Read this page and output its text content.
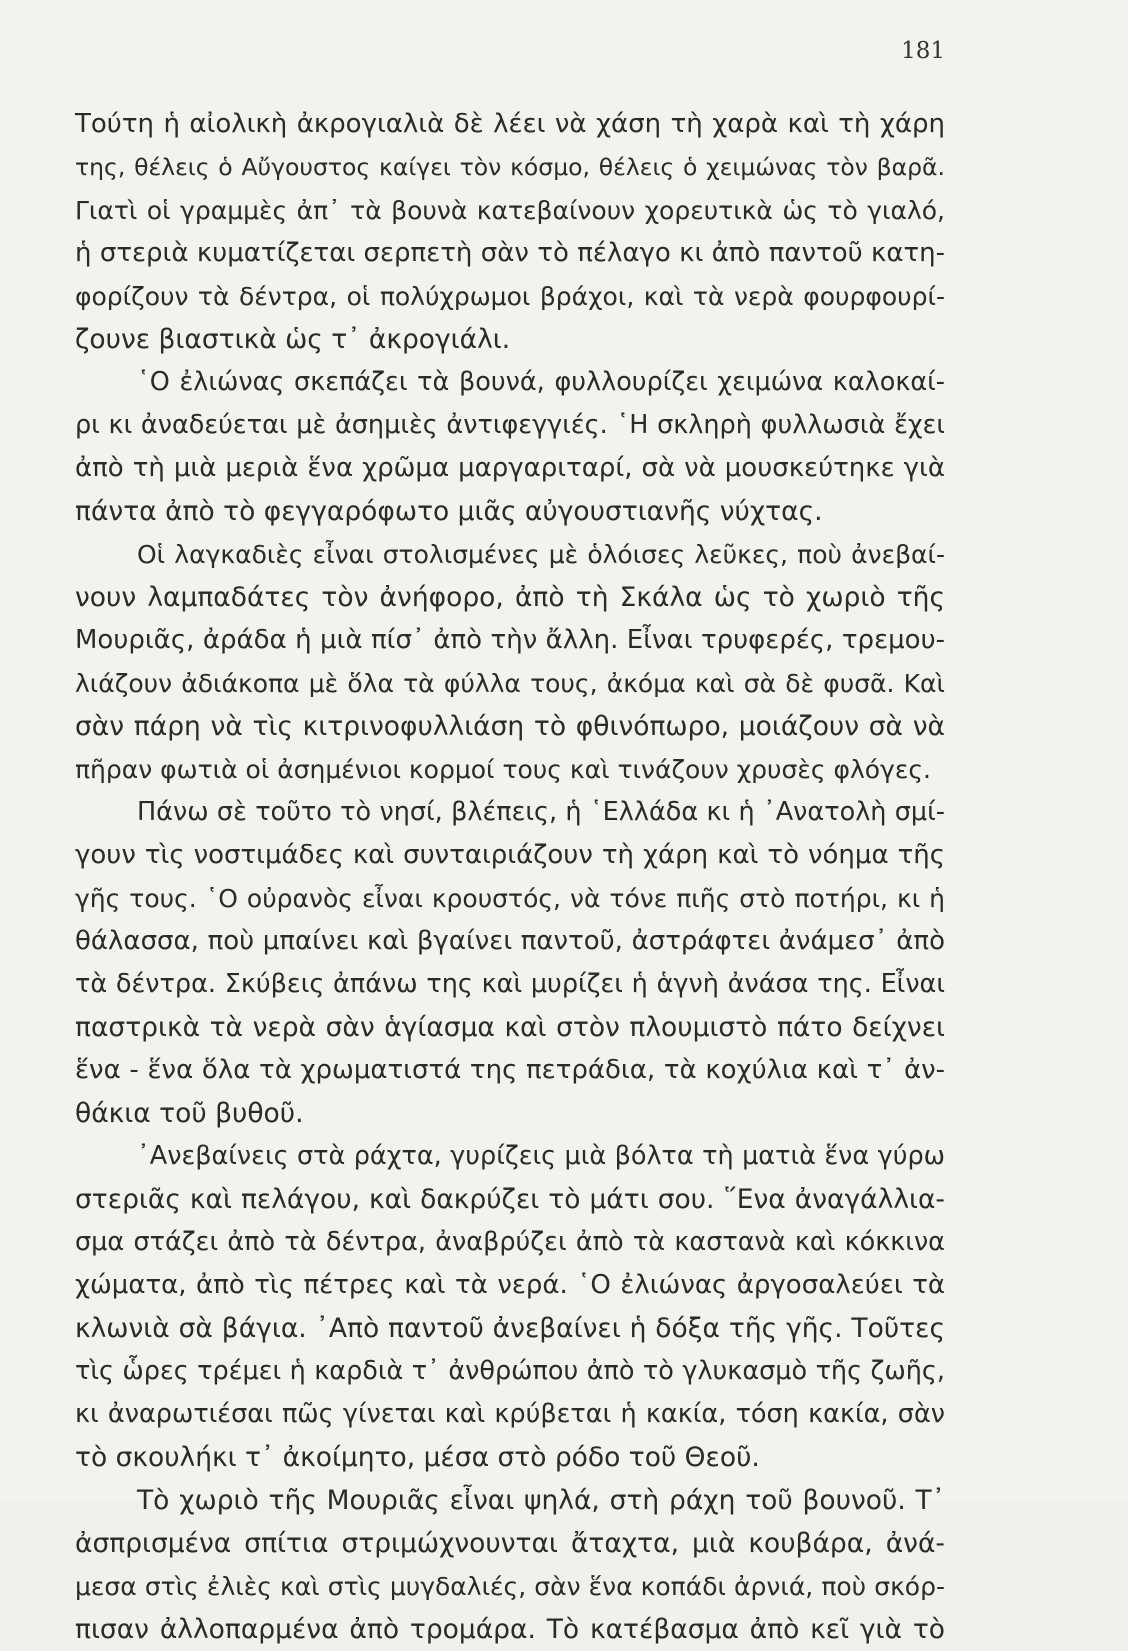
181
Τούτη ἡ αἰολικὴ ἀκρογιαλιὰ δὲ λέει νὰ χάση τὴ χαρὰ καὶ τὴ χάρη
της, θέλεις ὁ Αὔγουστος καίγει τὸν κόσμο, θέλεις ὁ χειμώνας τὸν βαρᾶ.
Γιατὶ οἱ γραμμὲς ἀπ᾿ τὰ βουνὰ κατεβαίνουν χορευτικὰ ὡς τὸ γιαλό,
ἡ στεριὰ κυματίζεται σερπετὴ σὰν τὸ πέλαγο κι ἀπὸ παντοῦ κατη-
φορίζουν τὰ δέντρα, οἱ πολύχρωμοι βράχοι, καὶ τὰ νερὰ φουρφουρί-
ζουνε βιαστικὰ ὡς τ᾿ ἀκρογιάλι.
῾Ο ἐλιώνας σκεπάζει τὰ βουνά, φυλλουρίζει χειμώνα καλοκαί-
ρι κι ἀναδεύεται μὲ ἀσημιὲς ἀντιφεγγιές. ῾Η σκληρὴ φυλλωσιὰ ἔχει
ἀπὸ τὴ μιὰ μεριὰ ἕνα χρῶμα μαργαριταρί, σὰ νὰ μουσκεύτηκε γιὰ
πάντα ἀπὸ τὸ φεγγαρόφωτο μιᾶς αὐγουστιανῆς νύχτας.
Οἱ λαγκαδιὲς εἶναι στολισμένες μὲ ὁλόισες λεῦκες, ποὺ ἀνεβαί-
νουν λαμπαδάτες τὸν ἀνήφορο, ἀπὸ τὴ Σκάλα ὡς τὸ χωριὸ τῆς
Μουριᾶς, ἀράδα ἡ μιὰ πίσ᾿ ἀπὸ τὴν ἄλλη. Εἶναι τρυφερές, τρεμου-
λιάζουν ἀδιάκοπα μὲ ὅλα τὰ φύλλα τους, ἀκόμα καὶ σὰ δὲ φυσᾶ. Καὶ
σὰν πάρη νὰ τὶς κιτρινοφυλλιάση τὸ φθινόπωρο, μοιάζουν σὰ νὰ
πῆραν φωτιὰ οἱ ἀσημένιοι κορμοί τους καὶ τινάζουν χρυσὲς φλόγες.
Πάνω σὲ τοῦτο τὸ νησί, βλέπεις, ἡ ῾Ελλάδα κι ἡ ᾿Ανατολὴ σμί-
γουν τὶς νοστιμάδες καὶ συνταιριάζουν τὴ χάρη καὶ τὸ νόημα τῆς
γῆς τους. ῾Ο οὐρανὸς εἶναι κρουστός, νὰ τόνε πιῆς στὸ ποτήρι, κι ἡ
θάλασσα, ποὺ μπαίνει καὶ βγαίνει παντοῦ, ἀστράφτει ἀνάμεσ᾿ ἀπὸ
τὰ δέντρα. Σκύβεις ἀπάνω της καὶ μυρίζει ἡ ἁγνὴ ἀνάσα της. Εἶναι
παστρικὰ τὰ νερὰ σὰν ἁγίασμα καὶ στὸν πλουμιστὸ πάτο δείχνει
ἕνα - ἕνα ὅλα τὰ χρωματιστά της πετράδια, τὰ κοχύλια καὶ τ᾿ ἀν-
θάκια τοῦ βυθοῦ.
᾿Ανεβαίνεις στὰ ράχτα, γυρίζεις μιὰ βόλτα τὴ ματιὰ ἕνα γύρω
στεριᾶς καὶ πελάγου, καὶ δακρύζει τὸ μάτι σου. ῞Ενα ἀναγάλλια-
σμα στάζει ἀπὸ τὰ δέντρα, ἀναβρύζει ἀπὸ τὰ καστανὰ καὶ κόκκινα
χώματα, ἀπὸ τὶς πέτρες καὶ τὰ νερά. ῾Ο ἐλιώνας ἀργοσαλεύει τὰ
κλωνιὰ σὰ βάγια. ᾿Απὸ παντοῦ ἀνεβαίνει ἡ δόξα τῆς γῆς. Τοῦτες
τὶς ὧρες τρέμει ἡ καρδιὰ τ᾿ ἀνθρώπου ἀπὸ τὸ γλυκασμὸ τῆς ζωῆς,
κι ἀναρωτιέσαι πῶς γίνεται καὶ κρύβεται ἡ κακία, τόση κακία, σὰν
τὸ σκουλήκι τ᾿ ἀκοίμητο, μέσα στὸ ρόδο τοῦ Θεοῦ.
Τὸ χωριὸ τῆς Μουριᾶς εἶναι ψηλά, στὴ ράχη τοῦ βουνοῦ. Τ᾿
ἀσπρισμένα σπίτια στριμώχνουνται ἄταχτα, μιὰ κουβάρα, ἀνά-
μεσα στὶς ἐλιὲς καὶ στὶς μυγδαλιές, σὰν ἕνα κοπάδι ἀρνιά, ποὺ σκόρ-
πισαν ἀλλοπαρμένα ἀπὸ τρομάρα. Τὸ κατέβασμα ἀπὸ κεῖ γιὰ τὸ
